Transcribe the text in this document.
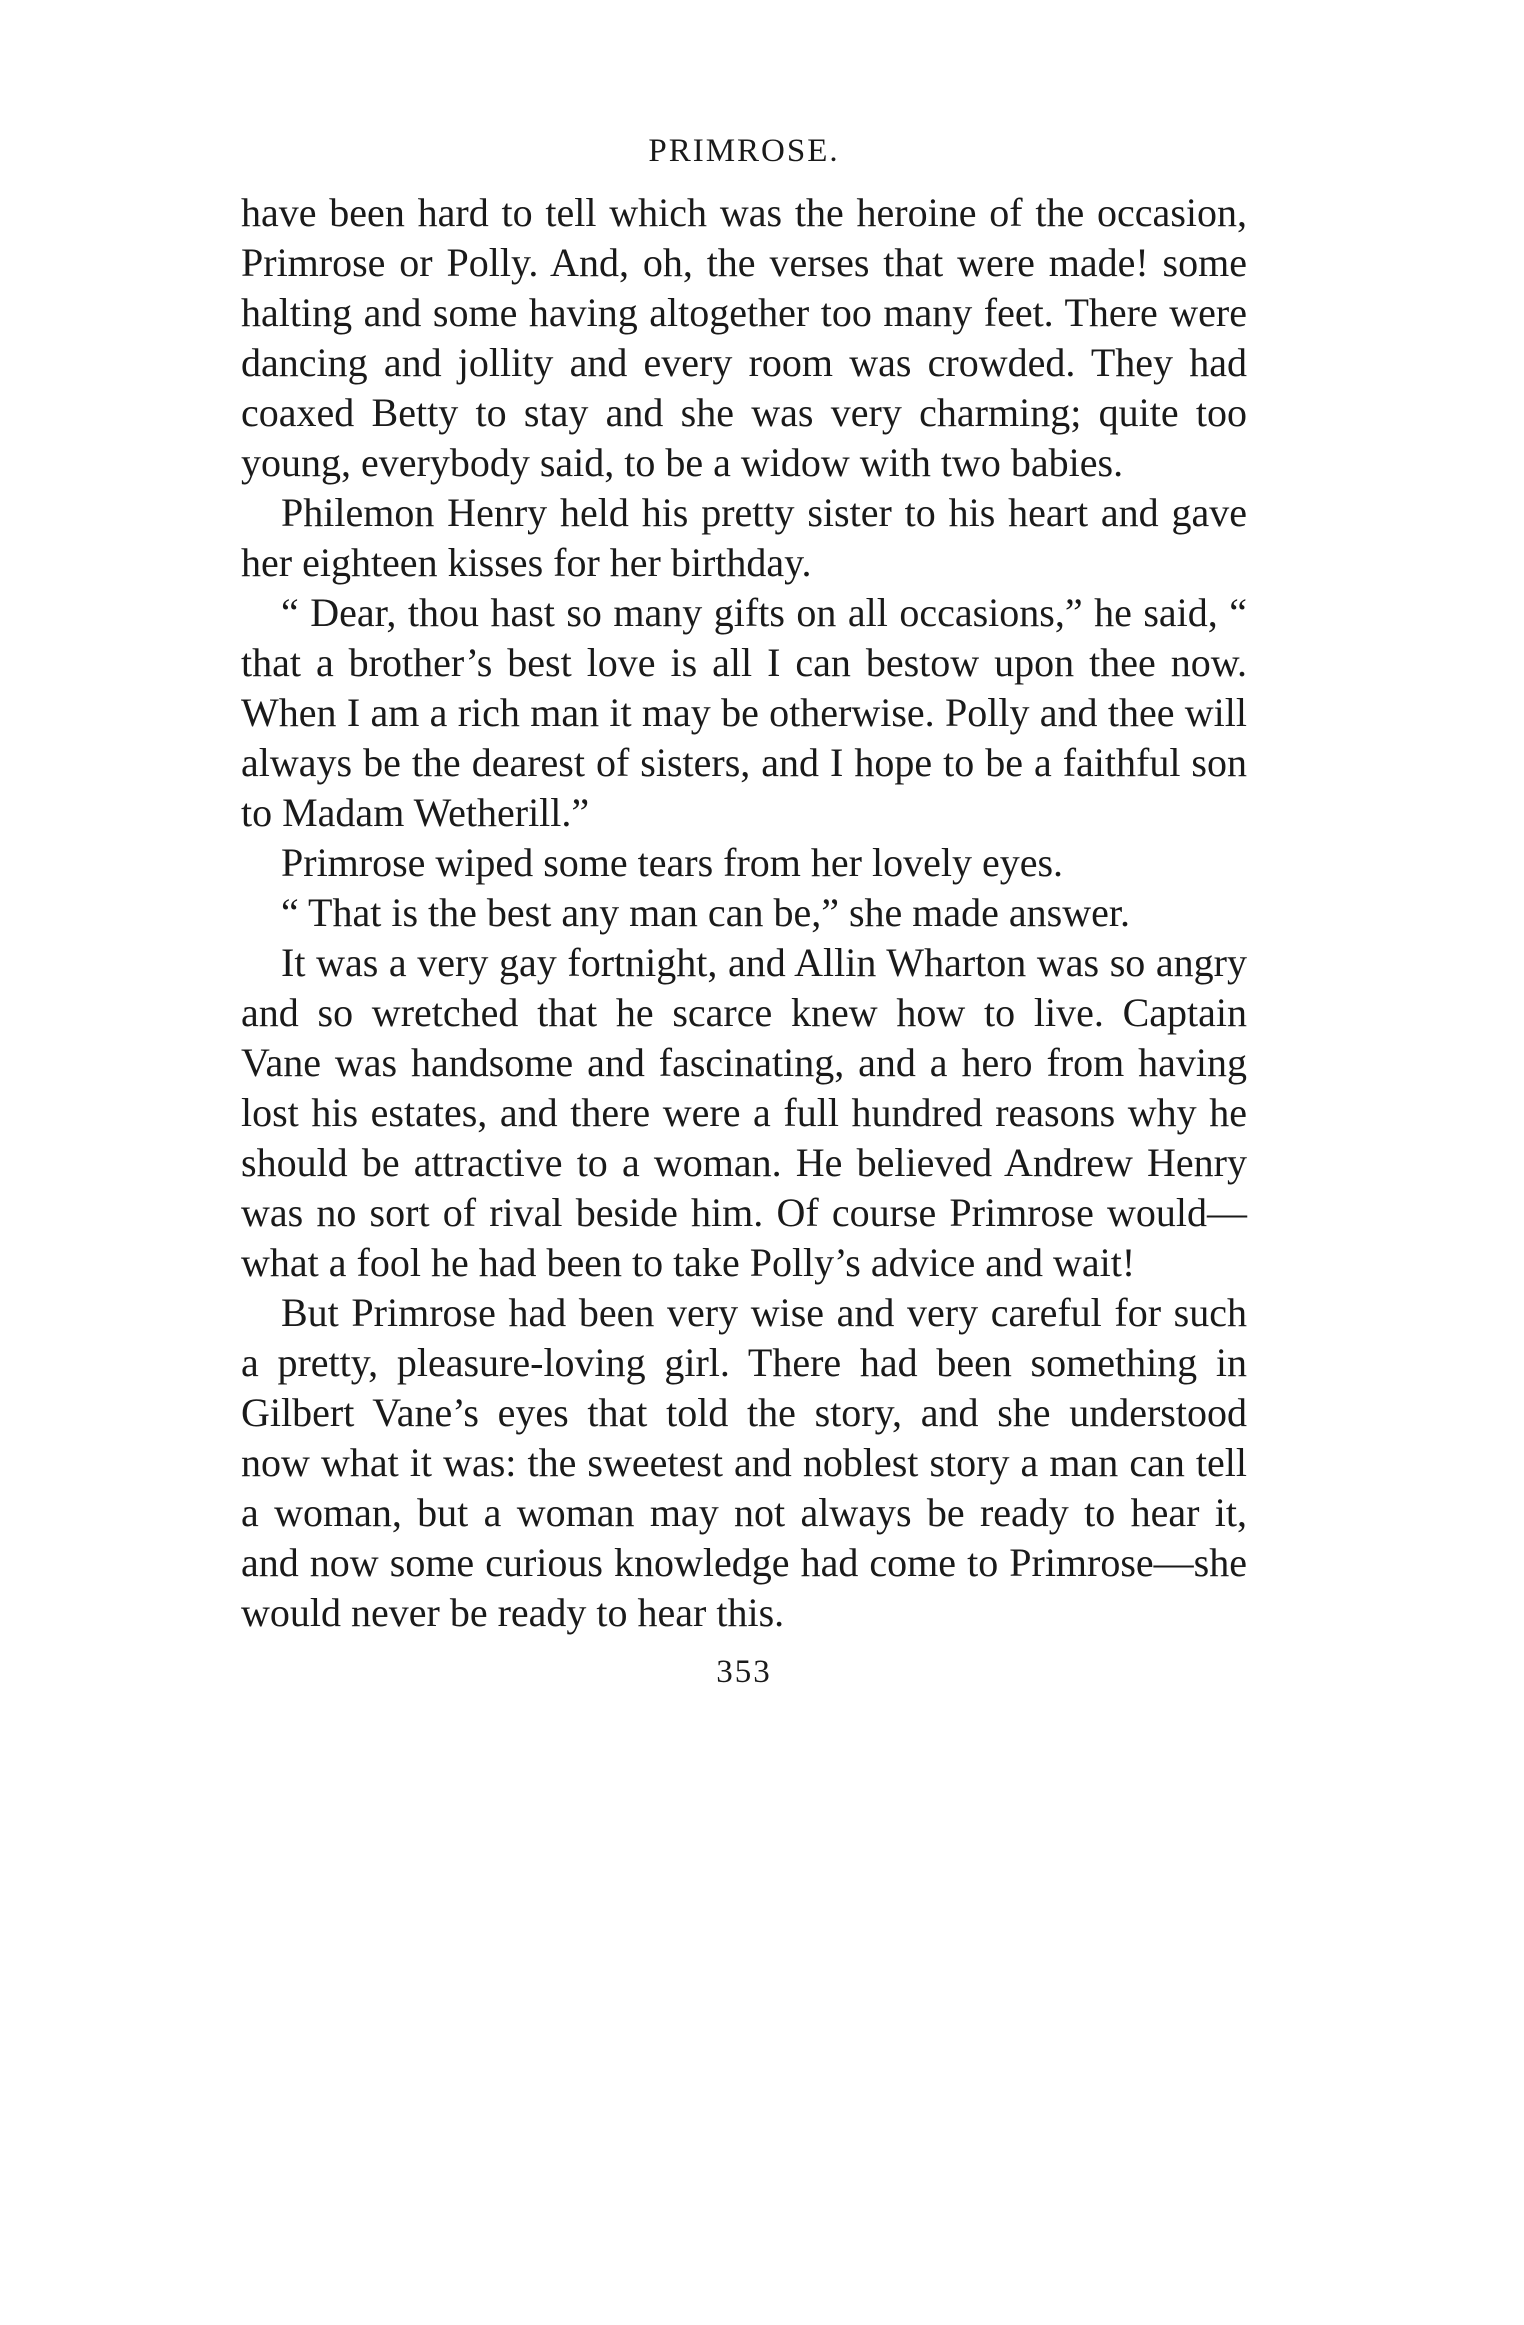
PRIMROSE.

have been hard to tell which was the heroine of the occasion, Primrose or Polly. And, oh, the verses that were made! some halting and some having altogether too many feet. There were dancing and jollity and every room was crowded. They had coaxed Betty to stay and she was very charming; quite too young, everybody said, to be a widow with two babies.

Philemon Henry held his pretty sister to his heart and gave her eighteen kisses for her birthday.

“ Dear, thou hast so many gifts on all occasions,” he said, “ that a brother’s best love is all I can bestow upon thee now. When I am a rich man it may be otherwise. Polly and thee will always be the dearest of sisters, and I hope to be a faithful son to Madam Wetherill.”

Primrose wiped some tears from her lovely eyes.

“ That is the best any man can be,” she made answer.

It was a very gay fortnight, and Allin Wharton was so angry and so wretched that he scarce knew how to live. Captain Vane was handsome and fascinating, and a hero from having lost his estates, and there were a full hundred reasons why he should be attractive to a woman. He believed Andrew Henry was no sort of rival beside him. Of course Primrose would—what a fool he had been to take Polly’s advice and wait!

But Primrose had been very wise and very careful for such a pretty, pleasure-loving girl. There had been something in Gilbert Vane’s eyes that told the story, and she understood now what it was: the sweetest and noblest story a man can tell a woman, but a woman may not always be ready to hear it, and now some curious knowledge had come to Primrose—she would never be ready to hear this.

353
